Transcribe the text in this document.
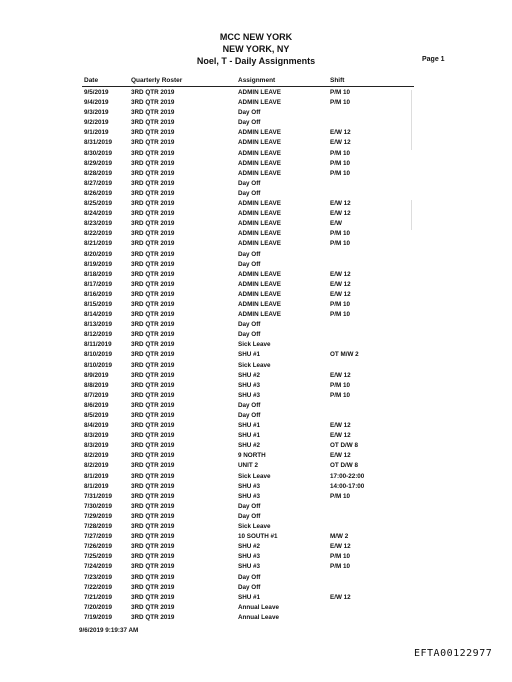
MCC NEW YORK
NEW YORK, NY
Noel, T - Daily Assignments	Page 1
Date	Quarterly Roster	Assignment	Shift
9/5/2019	3RD QTR 2019	ADMIN LEAVE	P/M 10
9/4/2019	3RD QTR 2019	ADMIN LEAVE	P/M 10
9/3/2019	3RD QTR 2019	Day Off
9/2/2019	3RD QTR 2019	Day Off
9/1/2019	3RD QTR 2019	ADMIN LEAVE	E/W 12
8/31/2019	3RD QTR 2019	ADMIN LEAVE	E/W 12
8/30/2019	3RD QTR 2019	ADMIN LEAVE	P/M 10
8/29/2019	3RD QTR 2019	ADMIN LEAVE	P/M 10
8/28/2019	3RD QTR 2019	ADMIN LEAVE	P/M 10
8/27/2019	3RD QTR 2019	Day Off
8/26/2019	3RD QTR 2019	Day Off
8/25/2019	3RD QTR 2019	ADMIN LEAVE	E/W 12
8/24/2019	3RD QTR 2019	ADMIN LEAVE	E/W 12
8/23/2019	3RD QTR 2019	ADMIN LEAVE	E/W
8/22/2019	3RD QTR 2019	ADMIN LEAVE	P/M 10
8/21/2019	3RD QTR 2019	ADMIN LEAVE	P/M 10
8/20/2019	3RD QTR 2019	Day Off
8/19/2019	3RD QTR 2019	Day Off
8/18/2019	3RD QTR 2019	ADMIN LEAVE	E/W 12
8/17/2019	3RD QTR 2019	ADMIN LEAVE	E/W 12
8/16/2019	3RD QTR 2019	ADMIN LEAVE	E/W 12
8/15/2019	3RD QTR 2019	ADMIN LEAVE	P/M 10
8/14/2019	3RD QTR 2019	ADMIN LEAVE	P/M 10
8/13/2019	3RD QTR 2019	Day Off
8/12/2019	3RD QTR 2019	Day Off
8/11/2019	3RD QTR 2019	Sick Leave
8/10/2019	3RD QTR 2019	SHU #1	OT M/W 2
8/10/2019	3RD QTR 2019	Sick Leave
8/9/2019	3RD QTR 2019	SHU #2	E/W 12
8/8/2019	3RD QTR 2019	SHU #3	P/M 10
8/7/2019	3RD QTR 2019	SHU #3	P/M 10
8/6/2019	3RD QTR 2019	Day Off
8/5/2019	3RD QTR 2019	Day Off
8/4/2019	3RD QTR 2019	SHU #1	E/W 12
8/3/2019	3RD QTR 2019	SHU #1	E/W 12
8/3/2019	3RD QTR 2019	SHU #2	OT D/W 8
8/2/2019	3RD QTR 2019	9 NORTH	E/W 12
8/2/2019	3RD QTR 2019	UNIT 2	OT D/W 8
8/1/2019	3RD QTR 2019	Sick Leave	17:00-22:00
8/1/2019	3RD QTR 2019	SHU #3	14:00-17:00
7/31/2019	3RD QTR 2019	SHU #3	P/M 10
7/30/2019	3RD QTR 2019	Day Off
7/29/2019	3RD QTR 2019	Day Off
7/28/2019	3RD QTR 2019	Sick Leave
7/27/2019	3RD QTR 2019	10 SOUTH #1	M/W 2
7/26/2019	3RD QTR 2019	SHU #2	E/W 12
7/25/2019	3RD QTR 2019	SHU #3	P/M 10
7/24/2019	3RD QTR 2019	SHU #3	P/M 10
7/23/2019	3RD QTR 2019	Day Off
7/22/2019	3RD QTR 2019	Day Off
7/21/2019	3RD QTR 2019	SHU #1	E/W 12
7/20/2019	3RD QTR 2019	Annual Leave
7/19/2019	3RD QTR 2019	Annual Leave
9/6/2019 9:19:37 AM
EFTA00122977
